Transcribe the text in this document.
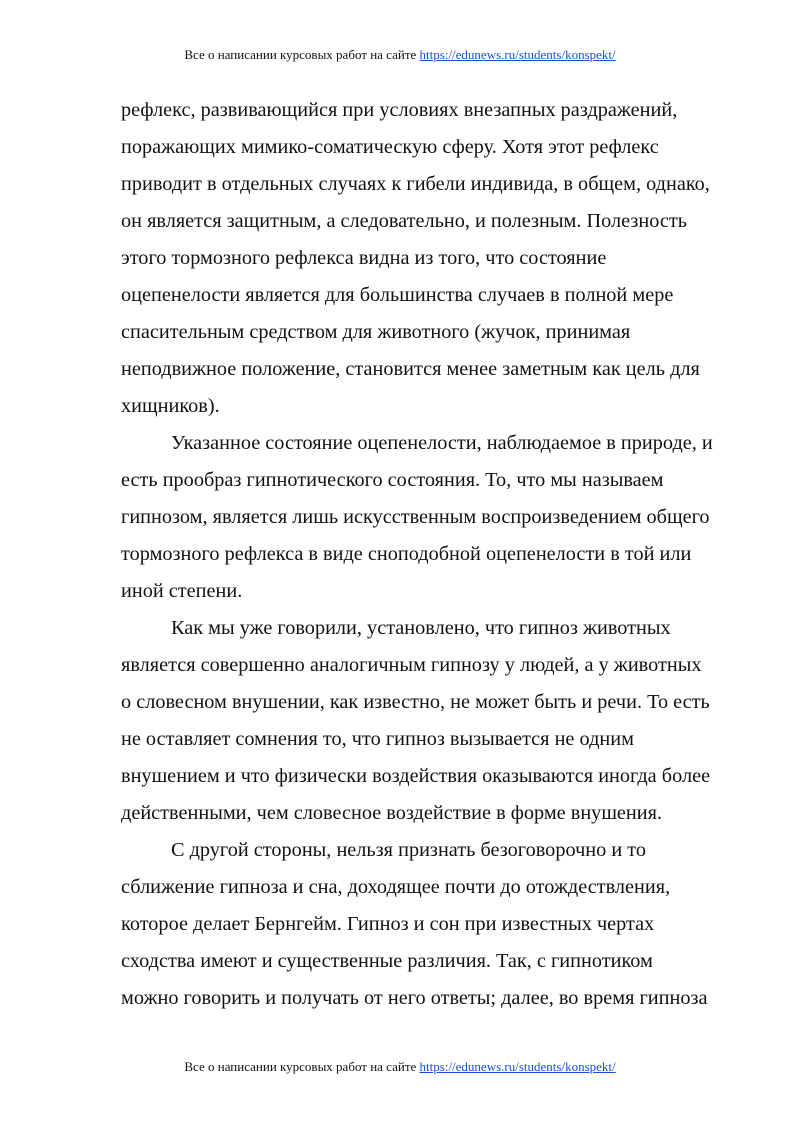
Все о написании курсовых работ на сайте https://edunews.ru/students/konspekt/

рефлекс, развивающийся при условиях внезапных раздражений,
поражающих мимико-соматическую сферу. Хотя этот рефлекс
приводит в отдельных случаях к гибели индивида, в общем, однако,
он является защитным, а следовательно, и полезным. Полезность
этого тормозного рефлекса видна из того, что состояние
оцепенелости является для большинства случаев в полной мере
спасительным средством для животного (жучок, принимая
неподвижное положение, становится менее заметным как цель для
хищников).

Указанное состояние оцепенелости, наблюдаемое в природе, и
есть прообраз гипнотического состояния. То, что мы называем
гипнозом, является лишь искусственным воспроизведением общего
тормозного рефлекса в виде сноподобной оцепенелости в той или
иной степени.

Как мы уже говорили, установлено, что гипноз животных
является совершенно аналогичным гипнозу у людей, а у животных
о словесном внушении, как известно, не может быть и речи. То есть
не оставляет сомнения то, что гипноз вызывается не одним
внушением и что физически воздействия оказываются иногда более
действенными, чем словесное воздействие в форме внушения.

С другой стороны, нельзя признать безоговорочно и то
сближение гипноза и сна, доходящее почти до отождествления,
которое делает Бернгейм. Гипноз и сон при известных чертах
сходства имеют и существенные различия. Так, с гипнотиком
можно говорить и получать от него ответы; далее, во время гипноза

Все о написании курсовых работ на сайте https://edunews.ru/students/konspekt/
